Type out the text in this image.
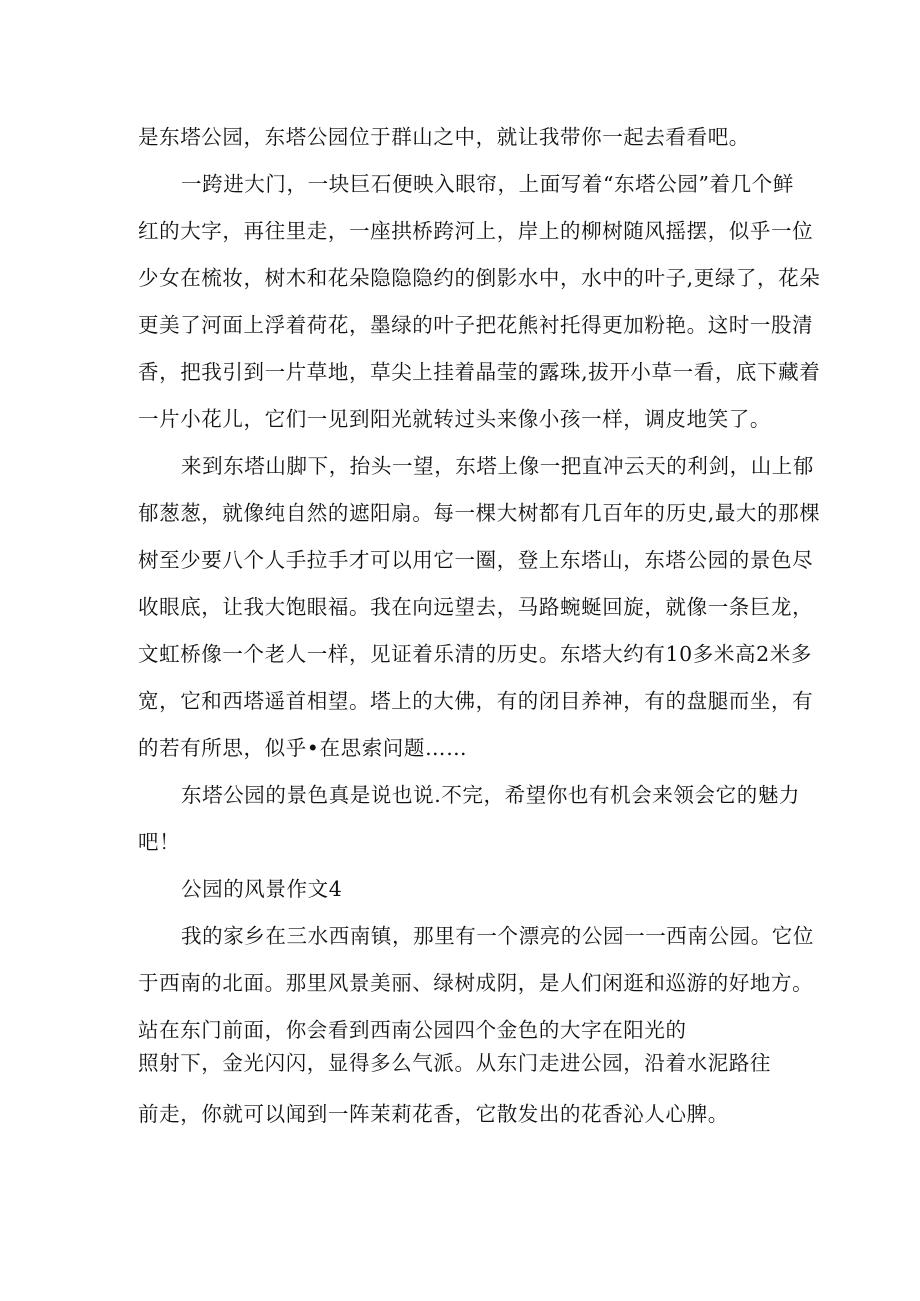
是东塔公园，东塔公园位于群山之中，就让我带你一起去看看吧。
一跨进大门，一块巨石便映入眼帘，上面写着“东塔公园”着几个鲜
红的大字，再往里走，一座拱桥跨河上，岸上的柳树随风摇摆，似乎一位
少女在梳妆，树木和花朵隐隐隐约的倒影水中，水中的叶子,更绿了，花朵
更美了河面上浮着荷花，墨绿的叶子把花熊衬托得更加粉艳。这时一股清
香，把我引到一片草地，草尖上挂着晶莹的露珠,拔开小草一看，底下藏着
一片小花儿，它们一见到阳光就转过头来像小孩一样，调皮地笑了。
来到东塔山脚下，抬头一望，东塔上像一把直冲云天的利剑，山上郁
郁葱葱，就像纯自然的遮阳扇。每一棵大树都有几百年的历史,最大的那棵
树至少要八个人手拉手才可以用它一圈，登上东塔山，东塔公园的景色尽
收眼底，让我大饱眼福。我在向远望去，马路蜿蜒回旋，就像一条巨龙，
文虹桥像一个老人一样，见证着乐清的历史。东塔大约有10多米高2米多
宽，它和西塔遥首相望。塔上的大佛，有的闭目养神，有的盘腿而坐，有
的若有所思，似乎•在思索问题……
东塔公园的景色真是说也说.不完，希望你也有机会来领会它的魅力
吧！
公园的风景作文4
我的家乡在三水西南镇，那里有一个漂亮的公园一一西南公园。它位
于西南的北面。那里风景美丽、绿树成阴，是人们闲逛和巡游的好地方。
站在东门前面，你会看到西南公园四个金色的大字在阳光的
照射下，金光闪闪，显得多么气派。从东门走进公园，沿着水泥路往
前走，你就可以闻到一阵茉莉花香，它散发出的花香沁人心脾。
